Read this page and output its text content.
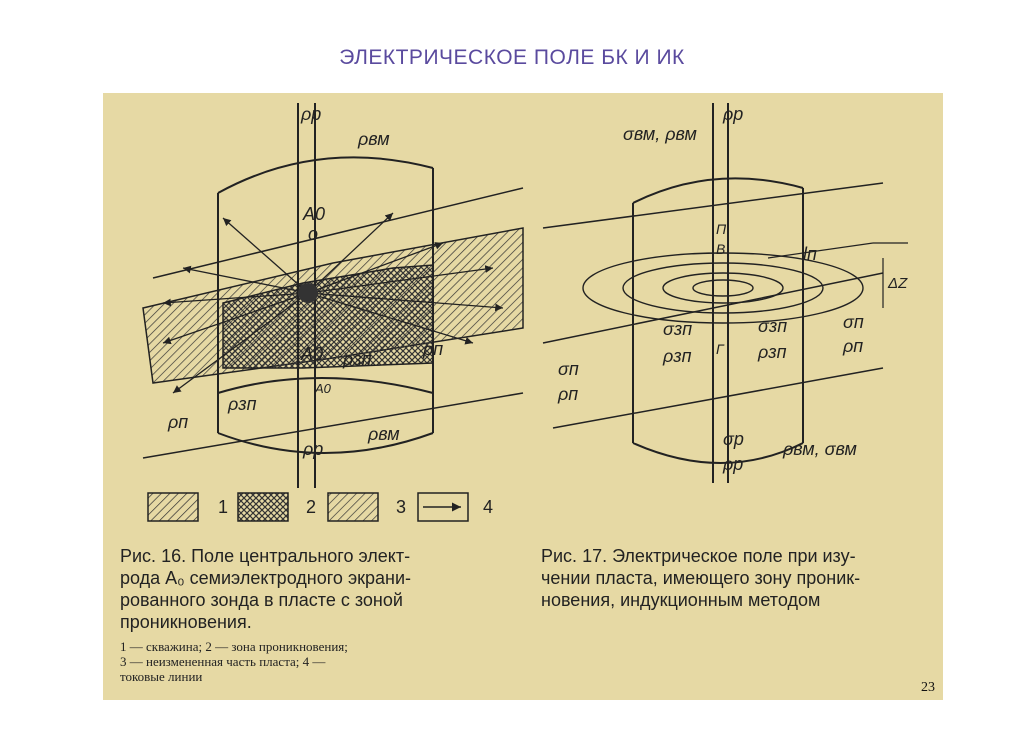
ЭЛЕКТРИЧЕСКОЕ ПОЛЕ БК И ИК
ρр
ρвм
А0
о
А0 ρзп	ρп
А0
ρзп
ρп
ρр
ρвм
1	2	3	4
σвм, ρвм
ρр
П
В	lп
ΔZ
σзп
ρзп Г
σзп
ρзп
σп
ρп
σп
ρп
σр
ρр
ρвм, σвм
Рис. 16. Поле центрального элект-
рода А₀ семиэлектродного экрани-
рованного зонда в пласте с зоной
проникновения.
1 — скважина; 2 — зона проникновения;
3 — неизмененная часть пласта; 4 —
токовые линии
Рис. 17. Электрическое поле при изу-
чении пласта, имеющего зону проник-
новения, индукционным методом
23
